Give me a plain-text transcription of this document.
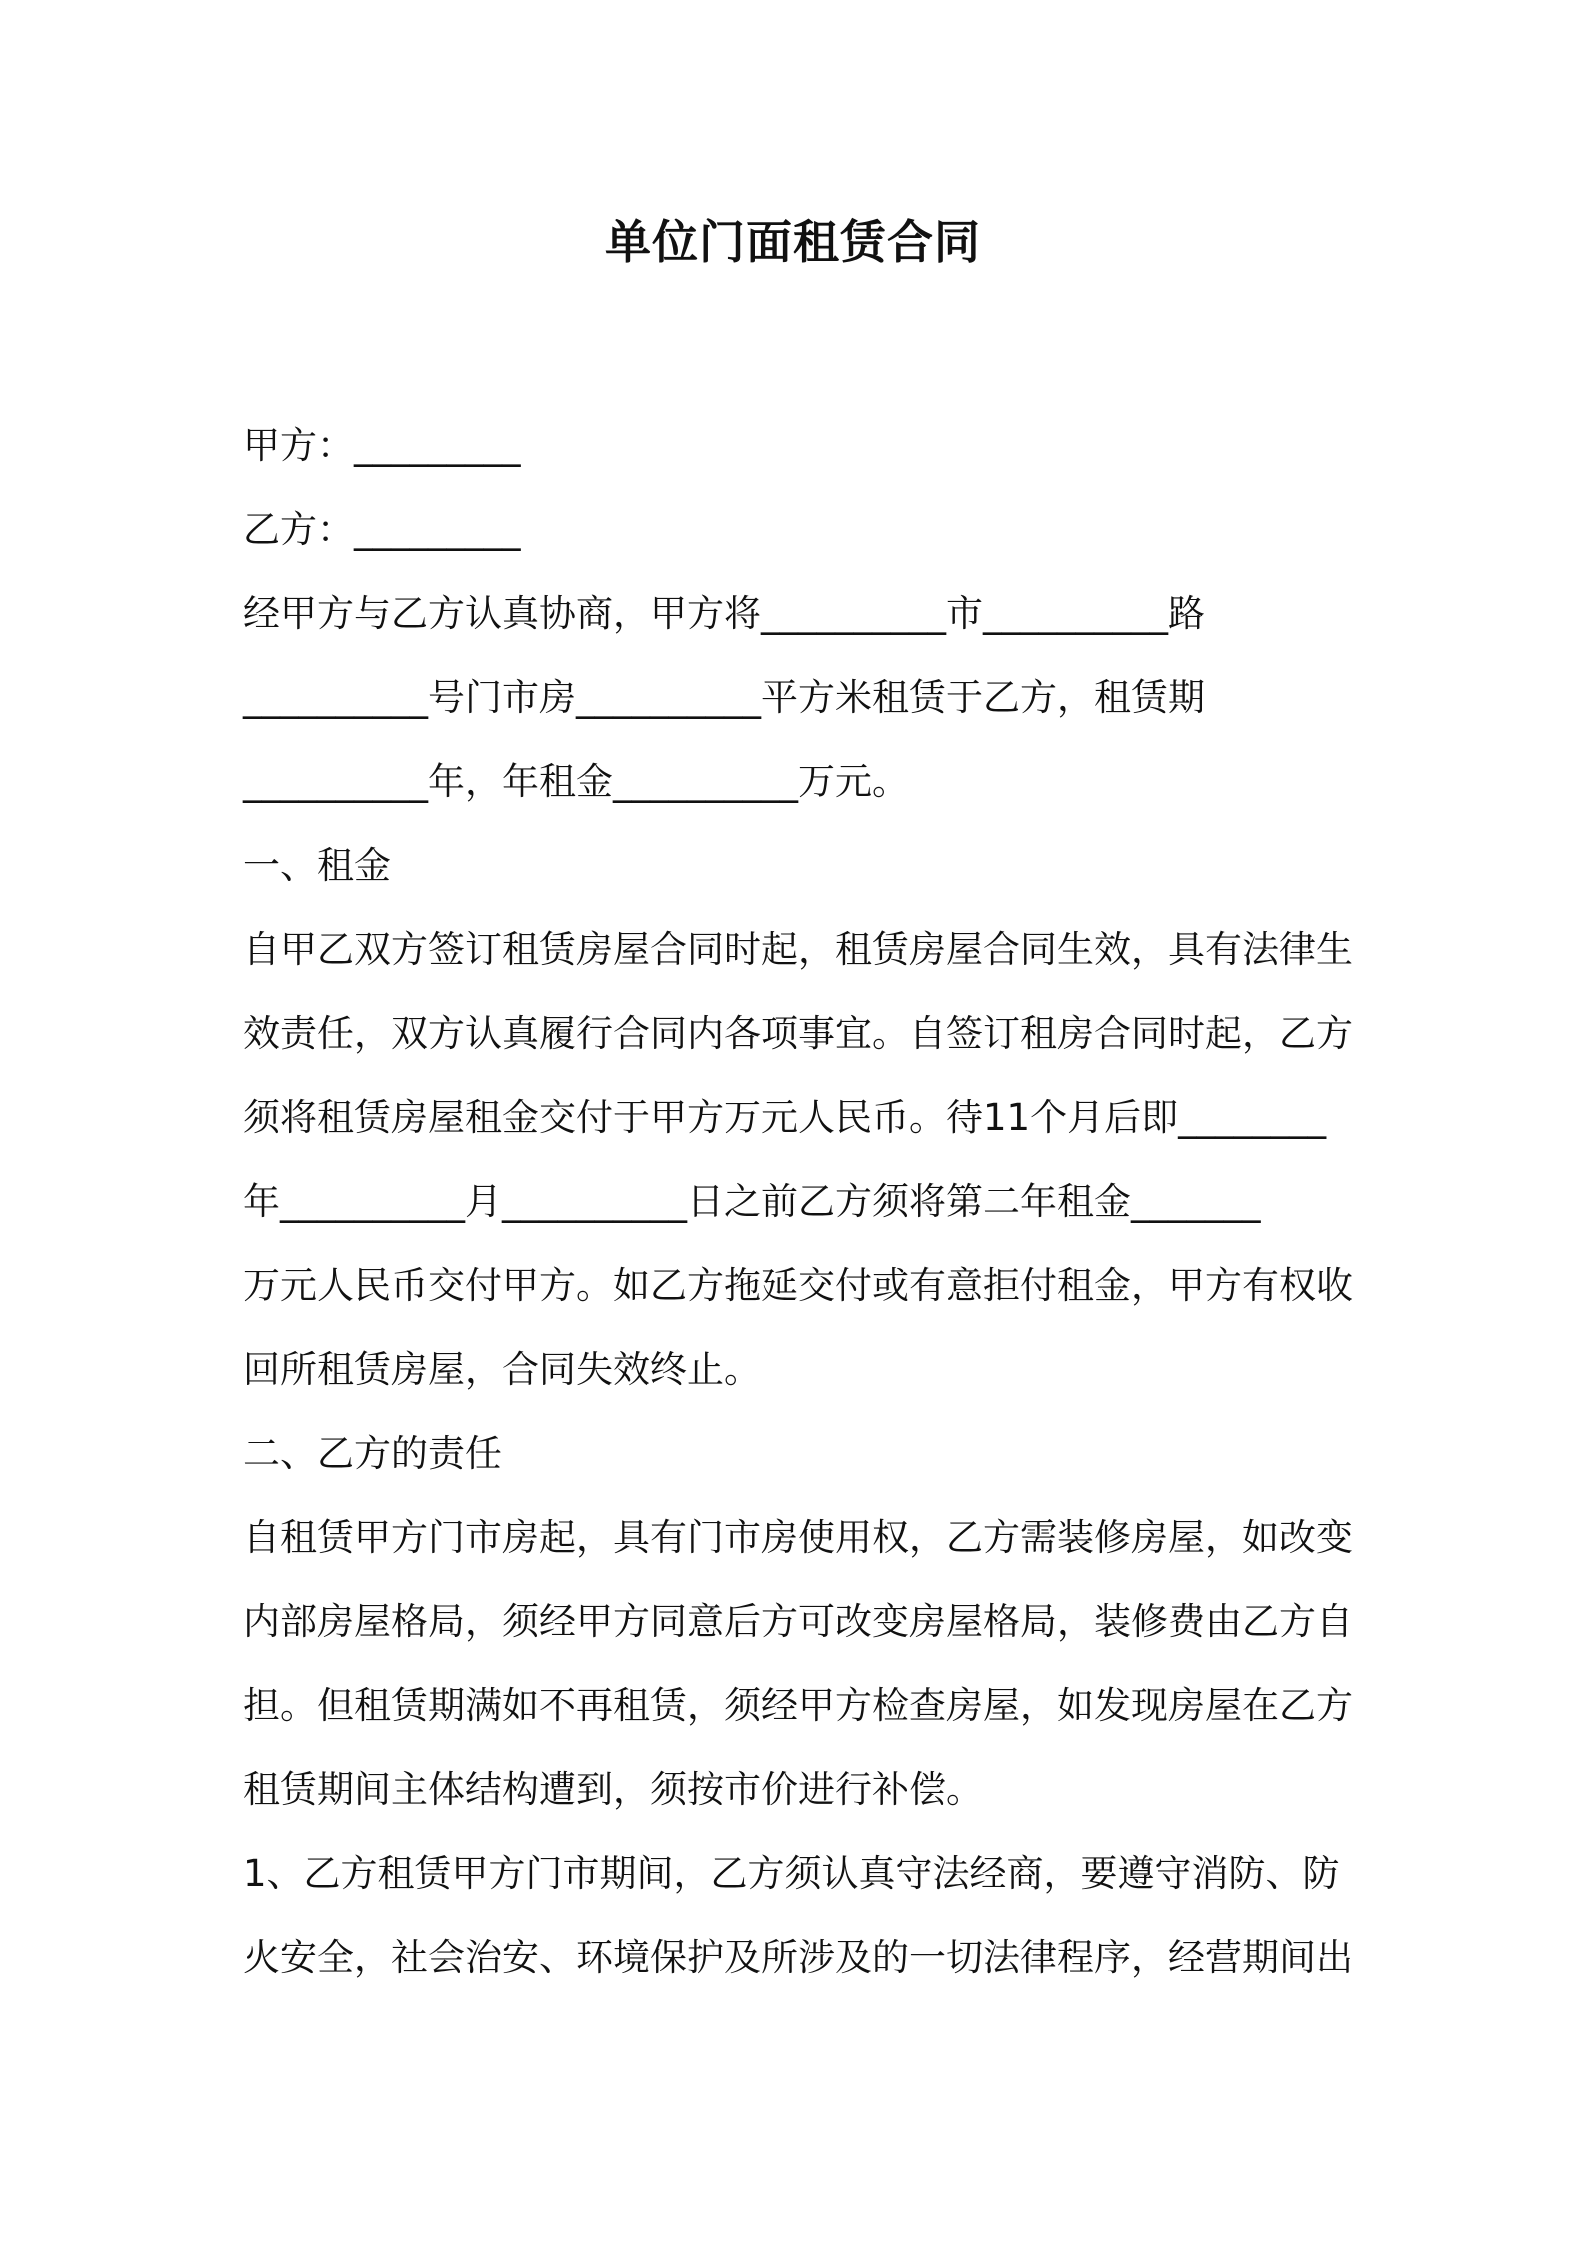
单位门面租赁合同
甲方：_________
乙方：_________
经甲方与乙方认真协商，甲方将__________市__________路
__________号门市房__________平方米租赁于乙方，租赁期
__________年，年租金__________万元。
一、租金
自甲乙双方签订租赁房屋合同时起，租赁房屋合同生效，具有法律生
效责任，双方认真履行合同内各项事宜。自签订租房合同时起，乙方
须将租赁房屋租金交付于甲方万元人民币。待11个月后即________
年__________月__________日之前乙方须将第二年租金_______
万元人民币交付甲方。如乙方拖延交付或有意拒付租金，甲方有权收
回所租赁房屋，合同失效终止。
二、乙方的责任
自租赁甲方门市房起，具有门市房使用权，乙方需装修房屋，如改变
内部房屋格局，须经甲方同意后方可改变房屋格局，装修费由乙方自
担。但租赁期满如不再租赁，须经甲方检查房屋，如发现房屋在乙方
租赁期间主体结构遭到，须按市价进行补偿。
1、乙方租赁甲方门市期间，乙方须认真守法经商，要遵守消防、防
火安全，社会治安、环境保护及所涉及的一切法律程序，经营期间出
